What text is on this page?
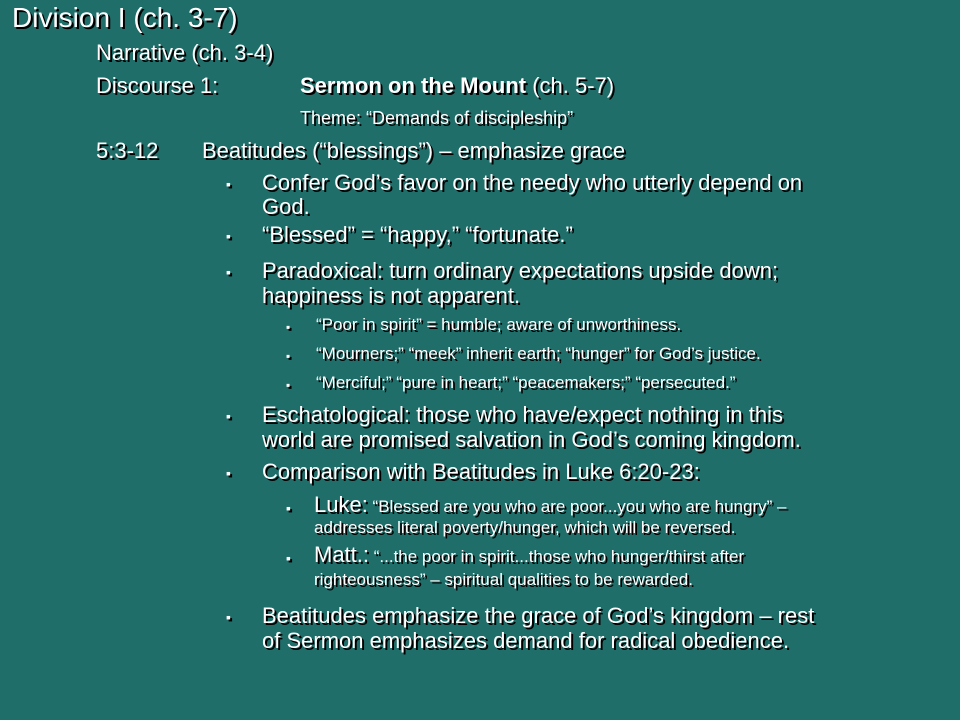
Division I (ch. 3-7)
Narrative (ch. 3-4)
Discourse 1:	Sermon on the Mount (ch. 5-7)
Theme: “Demands of discipleship”
5:3-12 Beatitudes (“blessings”) – emphasize grace
▪ Confer God’s favor on the needy who utterly depend on
God.
▪ “Blessed” = “happy,” “fortunate.”
▪ Paradoxical: turn ordinary expectations upside down;
happiness is not apparent.
▪ “Poor in spirit” = humble; aware of unworthiness.
▪ “Mourners;” “meek” inherit earth; “hunger” for God’s justice.
▪ “Merciful;” “pure in heart;” “peacemakers;” “persecuted.”
▪ Eschatological: those who have/expect nothing in this
world are promised salvation in God’s coming kingdom.
▪ Comparison with Beatitudes in Luke 6:20-23:
▪ Luke: “Blessed are you who are poor...you who are hungry” –
addresses literal poverty/hunger, which will be reversed.
▪ Matt.: “...the poor in spirit...those who hunger/thirst after
righteousness” – spiritual qualities to be rewarded.
▪ Beatitudes emphasize the grace of God’s kingdom – rest
of Sermon emphasizes demand for radical obedience.
